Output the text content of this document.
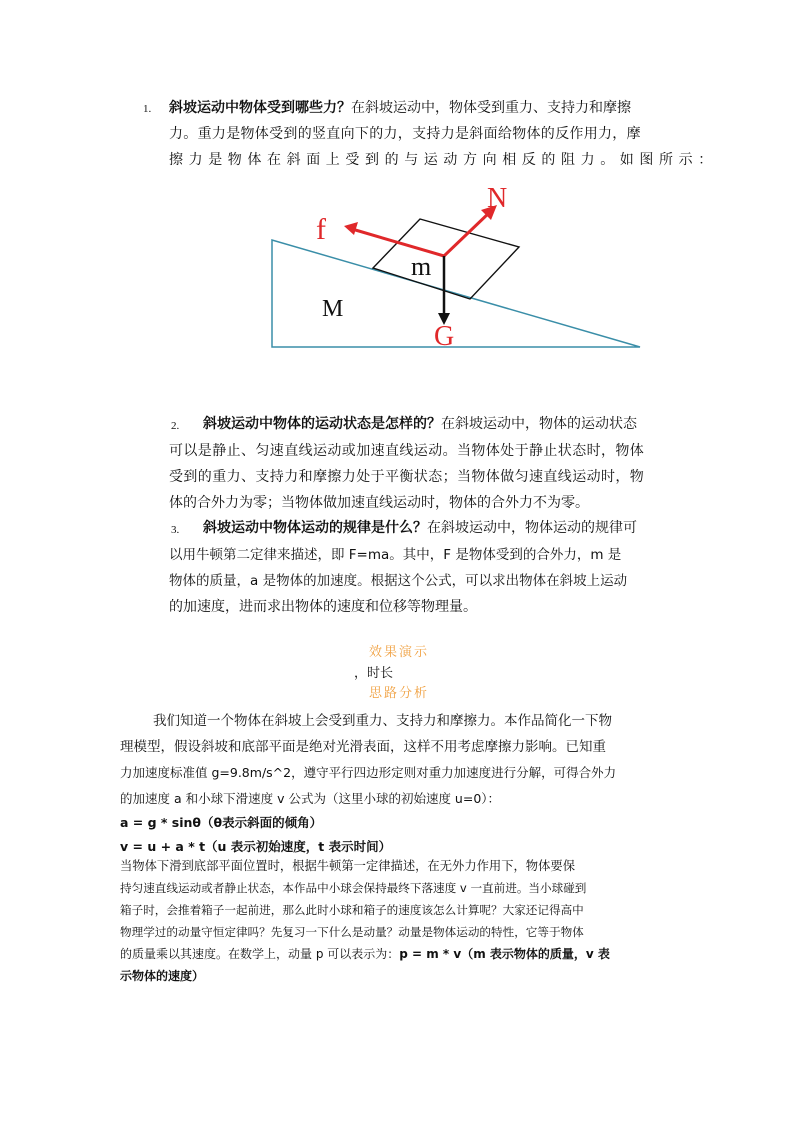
1. 斜坡运动中物体受到哪些力？在斜坡运动中，物体受到重力、支持力和摩擦
力。重力是物体受到的竖直向下的力，支持力是斜面给物体的反作用力，摩
擦力是物体在斜面上受到的与运动方向相反的阻力。如图所示：
N
f
m
M
G
2. 斜坡运动中物体的运动状态是怎样的？在斜坡运动中，物体的运动状态
可以是静止、匀速直线运动或加速直线运动。当物体处于静止状态时，物体
受到的重力、支持力和摩擦力处于平衡状态；当物体做匀速直线运动时，物
体的合外力为零；当物体做加速直线运动时，物体的合外力不为零。
3. 斜坡运动中物体运动的规律是什么？在斜坡运动中，物体运动的规律可
以用牛顿第二定律来描述，即 F=ma。其中，F 是物体受到的合外力，m 是
物体的质量，a 是物体的加速度。根据这个公式，可以求出物体在斜坡上运动
的加速度，进而求出物体的速度和位移等物理量。
效果演示
，时长
思路分析
我们知道一个物体在斜坡上会受到重力、支持力和摩擦力。本作品简化一下物
理模型，假设斜坡和底部平面是绝对光滑表面，这样不用考虑摩擦力影响。已知重
力加速度标准值 g=9.8m/s^2，遵守平行四边形定则对重力加速度进行分解，可得合外力
的加速度 a 和小球下滑速度 v 公式为（这里小球的初始速度 u=0）：
a = g * sinθ（θ表示斜面的倾角）
v = u + a * t（u 表示初始速度，t 表示时间）
当物体下滑到底部平面位置时，根据牛顿第一定律描述，在无外力作用下，物体要保
持匀速直线运动或者静止状态，本作品中小球会保持最终下落速度 v 一直前进。当小球碰到
箱子时，会推着箱子一起前进，那么此时小球和箱子的速度该怎么计算呢？大家还记得高中
物理学过的动量守恒定律吗？先复习一下什么是动量？动量是物体运动的特性，它等于物体
的质量乘以其速度。在数学上，动量 p 可以表示为：p = m * v（m 表示物体的质量，v 表
示物体的速度）
